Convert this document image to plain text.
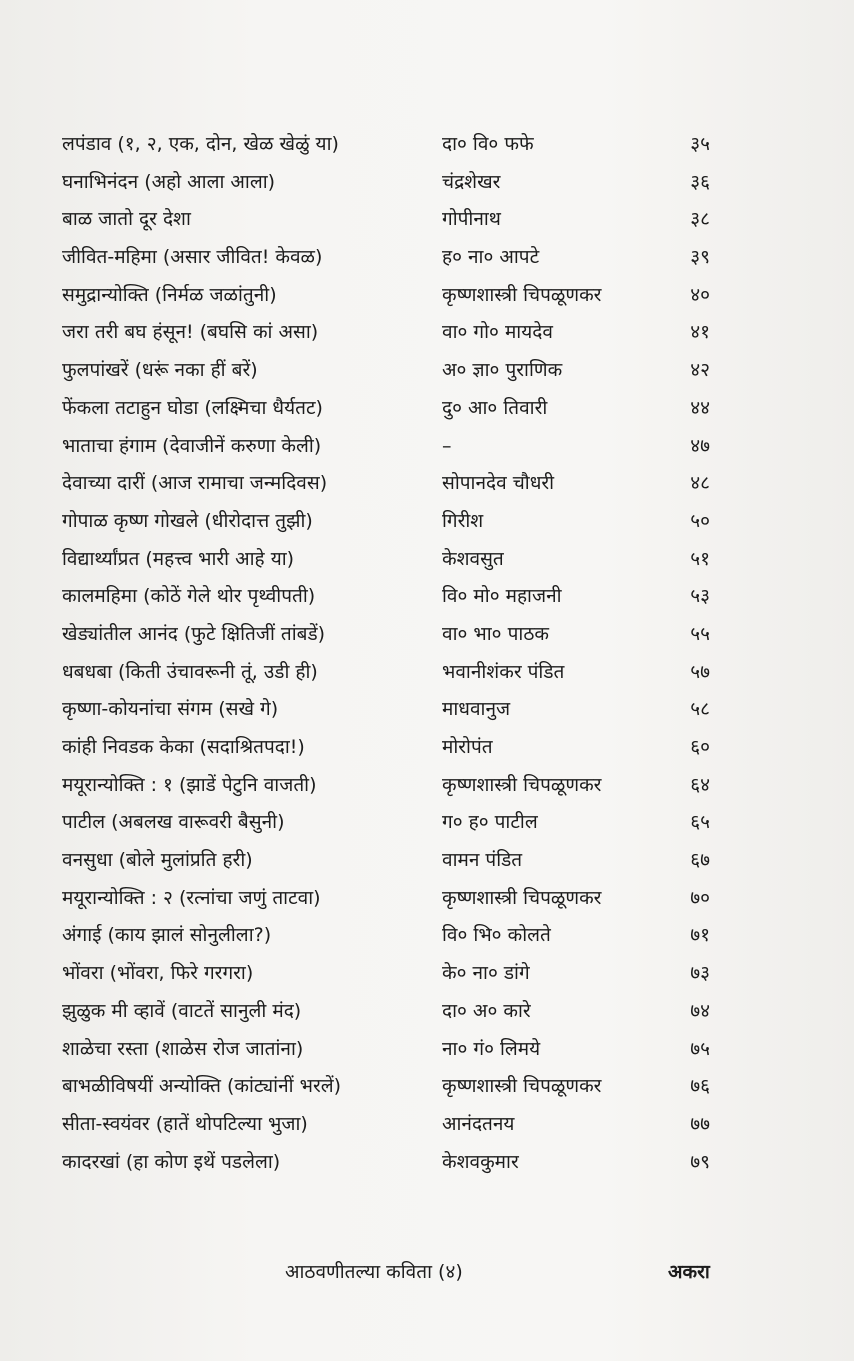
लपंडाव (१, २, एक, दोन, खेळ खेळुं या)	दा० वि० फफे	३५
घनाभिनंदन (अहो आला आला)	चंद्रशेखर	३६
बाळ जातो दूर देशा	गोपीनाथ	३८
जीवित-महिमा (असार जीवित! केवळ)	ह० ना० आपटे	३९
समुद्रान्योक्ति (निर्मळ जळांतुनी)	कृष्णशास्त्री चिपळूणकर	४०
जरा तरी बघ हंसून! (बघसि कां असा)	वा० गो० मायदेव	४१
फुलपांखरें (धरूं नका हीं बरें)	अ० ज्ञा० पुराणिक	४२
फेंकला तटाहुन घोडा (लक्ष्मिचा धैर्यतट)	दु० आ० तिवारी	४४
भाताचा हंगाम (देवाजीनें करुणा केली)	–	४७
देवाच्या दारीं (आज रामाचा जन्मदिवस)	सोपानदेव चौधरी	४८
गोपाळ कृष्ण गोखले (धीरोदात्त तुझी)	गिरीश	५०
विद्यार्थ्यांप्रत (महत्त्व भारी आहे या)	केशवसुत	५१
कालमहिमा (कोठें गेले थोर पृथ्वीपती)	वि० मो० महाजनी	५३
खेड्यांतील आनंद (फुटे क्षितिजीं तांबडें)	वा० भा० पाठक	५५
धबधबा (किती उंचावरूनी तूं, उडी ही)	भवानीशंकर पंडित	५७
कृष्णा-कोयनांचा संगम (सखे गे)	माधवानुज	५८
कांही निवडक केका (सदाश्रितपदा!)	मोरोपंत	६०
मयूरान्योक्ति : १ (झाडें पेटुनि वाजती)	कृष्णशास्त्री चिपळूणकर	६४
पाटील (अबलख वारूवरी बैसुनी)	ग० ह० पाटील	६५
वनसुधा (बोले मुलांप्रति हरी)	वामन पंडित	६७
मयूरान्योक्ति : २ (रत्नांचा जणुं ताटवा)	कृष्णशास्त्री चिपळूणकर	७०
अंगाई (काय झालं सोनुलीला?)	वि० भि० कोलते	७१
भोंवरा (भोंवरा, फिरे गरगरा)	के० ना० डांगे	७३
झुळुक मी व्हावें (वाटतें सानुली मंद)	दा० अ० कारे	७४
शाळेचा रस्ता (शाळेस रोज जातांना)	ना० गं० लिमये	७५
बाभळीविषयीं अन्योक्ति (कांट्यांनीं भरलें)	कृष्णशास्त्री चिपळूणकर	७६
सीता-स्वयंवर (हातें थोपटिल्या भुजा)	आनंदतनय	७७
कादरखां (हा कोण इथें पडलेला)	केशवकुमार	७९
आठवणीतल्या कविता (४)	अकरा
